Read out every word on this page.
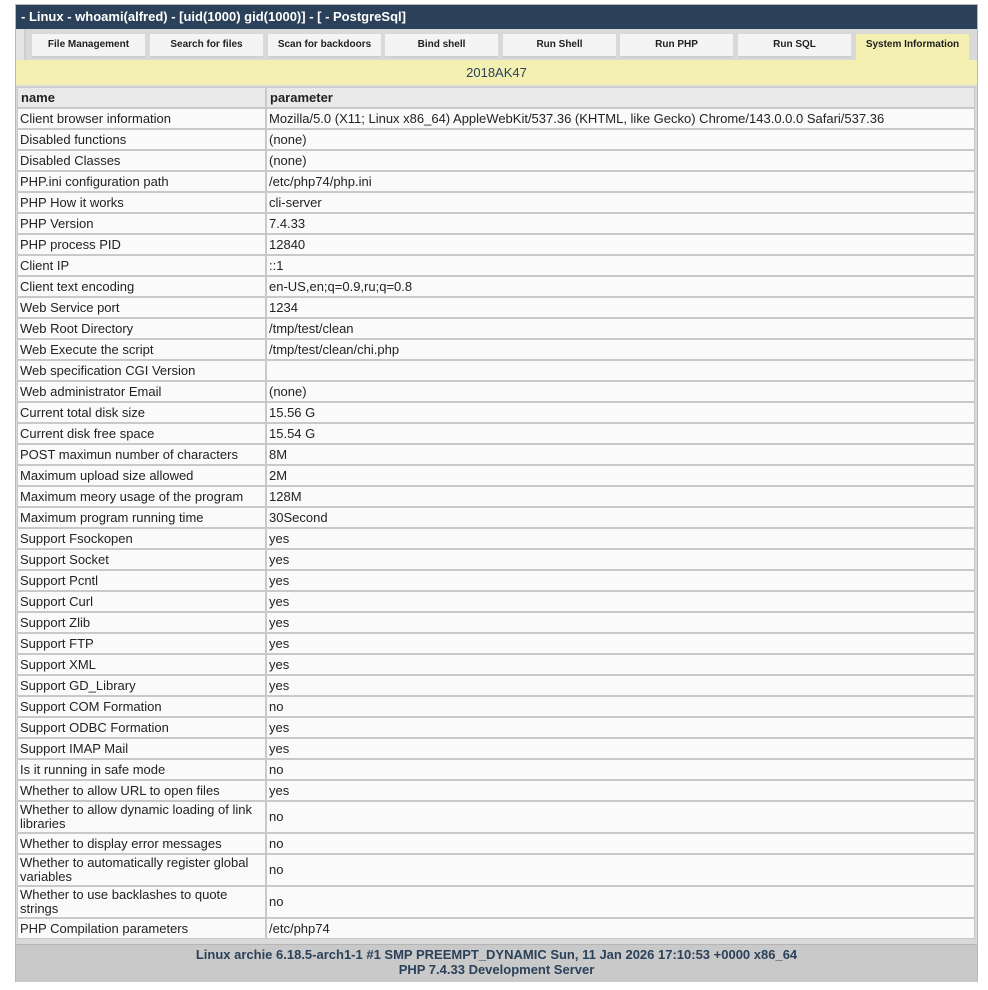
- Linux - whoami(alfred) - [uid(1000) gid(1000)] - [ - PostgreSql]
File Management	Search for files	Scan for backdoors	Bind shell	Run Shell	Run PHP	Run SQL	System Information
2018AK47
name	parameter
Client browser information	Mozilla/5.0 (X11; Linux x86_64) AppleWebKit/537.36 (KHTML, like Gecko) Chrome/143.0.0.0 Safari/537.36
Disabled functions	(none)
Disabled Classes	(none)
PHP.ini configuration path	/etc/php74/php.ini
PHP How it works	cli-server
PHP Version	7.4.33
PHP process PID	12840
Client IP	::1
Client text encoding	en-US,en;q=0.9,ru;q=0.8
Web Service port	1234
Web Root Directory	/tmp/test/clean
Web Execute the script	/tmp/test/clean/chi.php
Web specification CGI Version	
Web administrator Email	(none)
Current total disk size	15.56 G
Current disk free space	15.54 G
POST maximun number of characters	8M
Maximum upload size allowed	2M
Maximum meory usage of the program	128M
Maximum program running time	30Second
Support Fsockopen	yes
Support Socket	yes
Support Pcntl	yes
Support Curl	yes
Support Zlib	yes
Support FTP	yes
Support XML	yes
Support GD_Library	yes
Support COM Formation	no
Support ODBC Formation	yes
Support IMAP Mail	yes
Is it running in safe mode	no
Whether to allow URL to open files	yes
Whether to allow dynamic loading of link libraries	no
Whether to display error messages	no
Whether to automatically register global variables	no
Whether to use backlashes to quote strings	no
PHP Compilation parameters	/etc/php74
Linux archie 6.18.5-arch1-1 #1 SMP PREEMPT_DYNAMIC Sun, 11 Jan 2026 17:10:53 +0000 x86_64
PHP 7.4.33 Development Server
